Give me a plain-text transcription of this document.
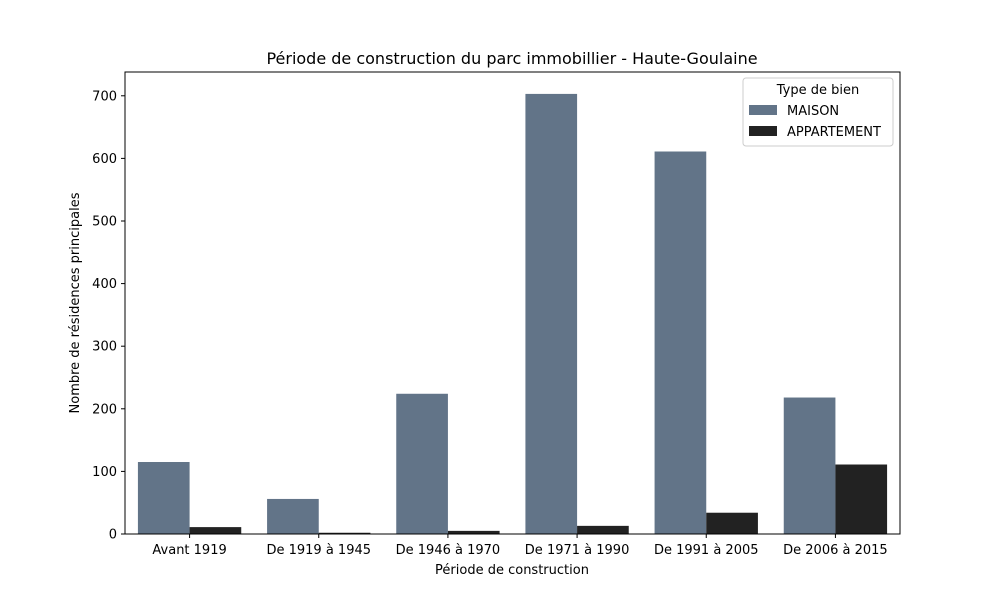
Période de construction du parc immobillier - Haute-Goulaine
0
100
200
300
400
500
600
700
Avant 1919	De 1919 à 1945 De 1946 à 1970 De 1971 à 1990 De 1991 à 2005 De 2006 à 2015
Période de construction
Nombre de résidences principales
Type de bien
MAISON
APPARTEMENT
